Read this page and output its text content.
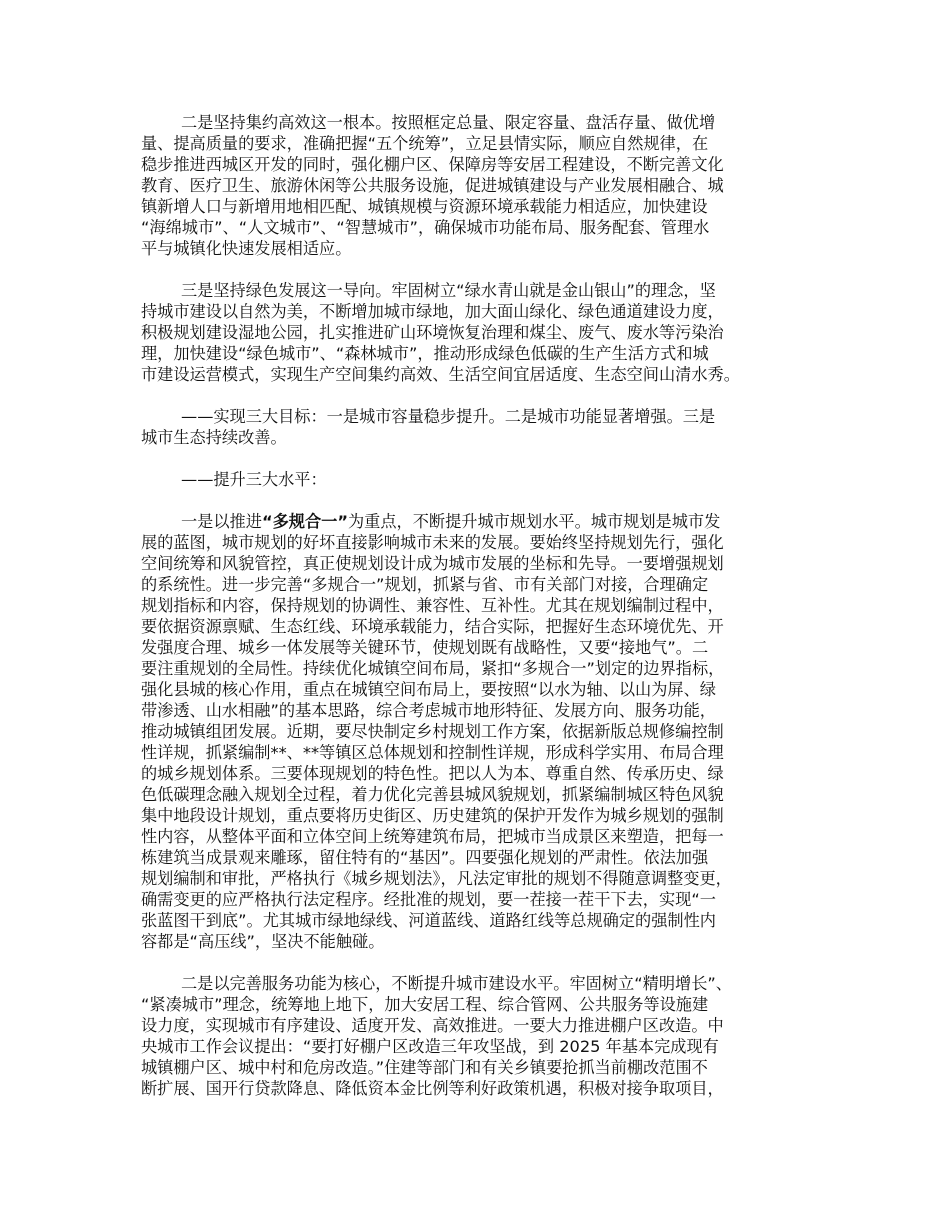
二是坚持集约高效这一根本。按照框定总量、限定容量、盘活存量、做优增
量、提高质量的要求，准确把握“五个统筹”，立足县情实际，顺应自然规律，在
稳步推进西城区开发的同时，强化棚户区、保障房等安居工程建设，不断完善文化
教育、医疗卫生、旅游休闲等公共服务设施，促进城镇建设与产业发展相融合、城
镇新增人口与新增用地相匹配、城镇规模与资源环境承载能力相适应，加快建设
“海绵城市”、“人文城市”、“智慧城市”，确保城市功能布局、服务配套、管理水
平与城镇化快速发展相适应。
三是坚持绿色发展这一导向。牢固树立“绿水青山就是金山银山”的理念，坚
持城市建设以自然为美，不断增加城市绿地，加大面山绿化、绿色通道建设力度，
积极规划建设湿地公园，扎实推进矿山环境恢复治理和煤尘、废气、废水等污染治
理，加快建设“绿色城市”、“森林城市”，推动形成绿色低碳的生产生活方式和城
市建设运营模式，实现生产空间集约高效、生活空间宜居适度、生态空间山清水秀。
——实现三大目标：一是城市容量稳步提升。二是城市功能显著增强。三是
城市生态持续改善。
——提升三大水平：
一是以推进“多规合一”为重点，不断提升城市规划水平。城市规划是城市发
展的蓝图，城市规划的好坏直接影响城市未来的发展。要始终坚持规划先行，强化
空间统筹和风貌管控，真正使规划设计成为城市发展的坐标和先导。一要增强规划
的系统性。进一步完善“多规合一”规划，抓紧与省、市有关部门对接，合理确定
规划指标和内容，保持规划的协调性、兼容性、互补性。尤其在规划编制过程中，
要依据资源禀赋、生态红线、环境承载能力，结合实际，把握好生态环境优先、开
发强度合理、城乡一体发展等关键环节，使规划既有战略性，又要“接地气”。二
要注重规划的全局性。持续优化城镇空间布局，紧扣“多规合一”划定的边界指标，
强化县城的核心作用，重点在城镇空间布局上，要按照“以水为轴、以山为屏、绿
带渗透、山水相融”的基本思路，综合考虑城市地形特征、发展方向、服务功能，
推动城镇组团发展。近期，要尽快制定乡村规划工作方案，依据新版总规修编控制
性详规，抓紧编制**、**等镇区总体规划和控制性详规，形成科学实用、布局合理
的城乡规划体系。三要体现规划的特色性。把以人为本、尊重自然、传承历史、绿
色低碳理念融入规划全过程，着力优化完善县城风貌规划，抓紧编制城区特色风貌
集中地段设计规划，重点要将历史街区、历史建筑的保护开发作为城乡规划的强制
性内容，从整体平面和立体空间上统筹建筑布局，把城市当成景区来塑造，把每一
栋建筑当成景观来雕琢，留住特有的“基因”。四要强化规划的严肃性。依法加强
规划编制和审批，严格执行《城乡规划法》，凡法定审批的规划不得随意调整变更，
确需变更的应严格执行法定程序。经批准的规划，要一茬接一茬干下去，实现“一
张蓝图干到底”。尤其城市绿地绿线、河道蓝线、道路红线等总规确定的强制性内
容都是“高压线”，坚决不能触碰。
二是以完善服务功能为核心，不断提升城市建设水平。牢固树立“精明增长”、
“紧凑城市”理念，统筹地上地下，加大安居工程、综合管网、公共服务等设施建
设力度，实现城市有序建设、适度开发、高效推进。一要大力推进棚户区改造。中
央城市工作会议提出：“要打好棚户区改造三年攻坚战，到 2025 年基本完成现有
城镇棚户区、城中村和危房改造。”住建等部门和有关乡镇要抢抓当前棚改范围不
断扩展、国开行贷款降息、降低资本金比例等利好政策机遇，积极对接争取项目，
